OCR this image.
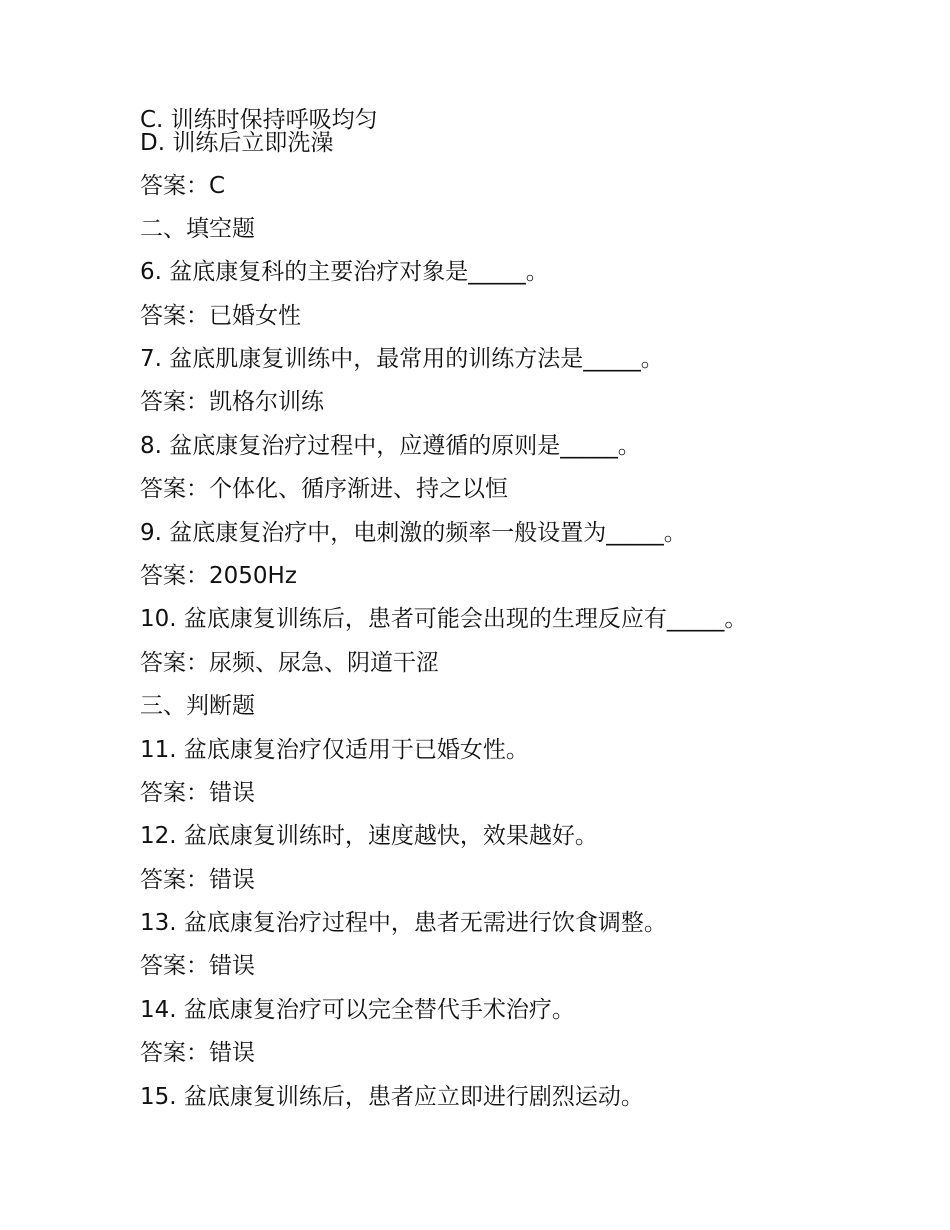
C. 训练时保持呼吸均匀
D. 训练后立即洗澡
答案：C
二、填空题
6. 盆底康复科的主要治疗对象是_____。
答案：已婚女性
7. 盆底肌康复训练中，最常用的训练方法是_____。
答案：凯格尔训练
8. 盆底康复治疗过程中，应遵循的原则是_____。
答案：个体化、循序渐进、持之以恒
9. 盆底康复治疗中，电刺激的频率一般设置为_____。
答案：2050Hz
10. 盆底康复训练后，患者可能会出现的生理反应有_____。
答案：尿频、尿急、阴道干涩
三、判断题
11. 盆底康复治疗仅适用于已婚女性。
答案：错误
12. 盆底康复训练时，速度越快，效果越好。
答案：错误
13. 盆底康复治疗过程中，患者无需进行饮食调整。
答案：错误
14. 盆底康复治疗可以完全替代手术治疗。
答案：错误
15. 盆底康复训练后，患者应立即进行剧烈运动。
